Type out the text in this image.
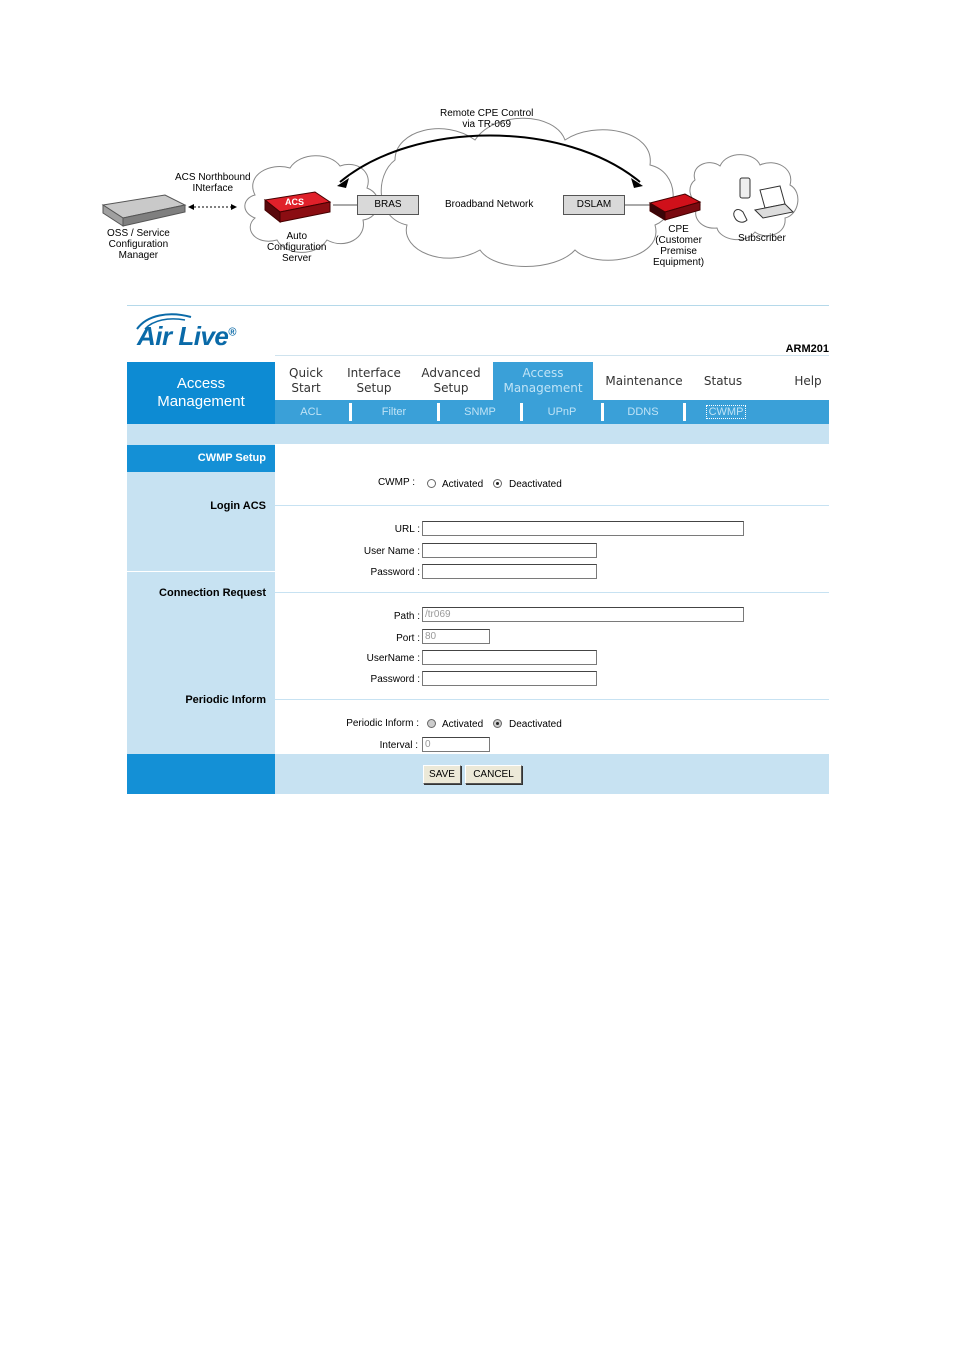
Remote CPE Control
via TR-069
ACS Northbound
INterface
OSS / Service
Configuration
Manager
ACS
Auto
Configuration
Server
BRAS	Broadband Network	DSLAM
CPE
(Customer
Premise
Equipment)
Subscriber
Air Live®
ARM201
Access
Management
Quick
Start
Interface
Setup
Advanced
Setup
Access
Management
Maintenance Status	Help
ACL	Filter	SNMP	UPnP	DDNS	CWMP
CWMP Setup
Login ACS
Connection Request
Periodic Inform
CWMP :	Activated	Deactivated
URL :
User Name :
Password :
Path :
/tr069
Port :
80
UserName :
Password :
Periodic Inform : Activated	Deactivated
Interval :
0
SAVE	CANCEL
